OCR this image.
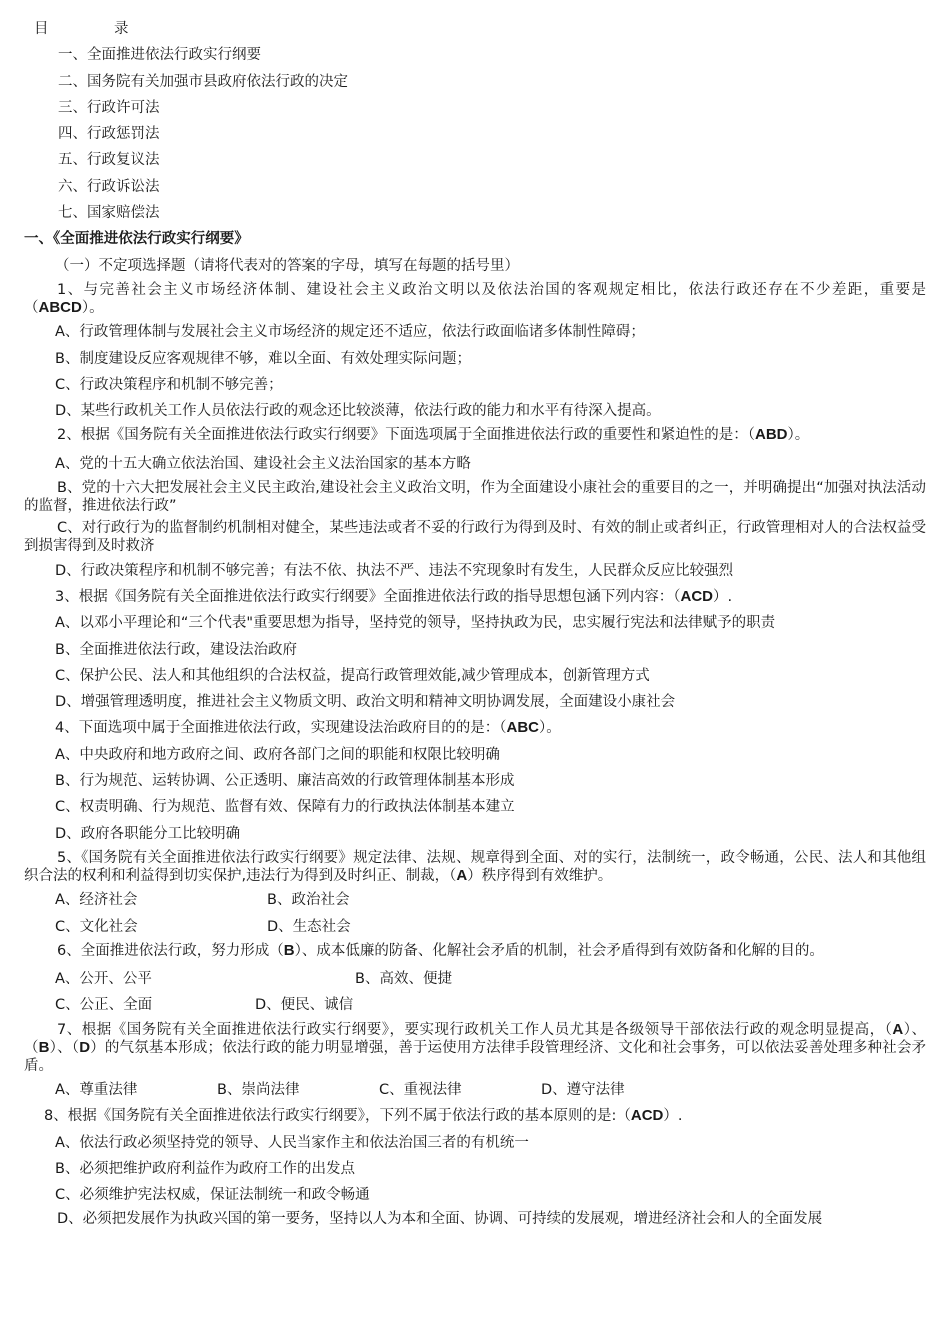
目	录
一、全面推进依法行政实行纲要
二、国务院有关加强市县政府依法行政的决定
三、行政许可法
四、行政惩罚法
五、行政复议法
六、行政诉讼法
七、国家赔偿法
一、《全面推进依法行政实行纲要》
（一）不定项选择题（请将代表对的答案的字母，填写在每题的括号里）
1、与完善社会主义市场经济体制、建设社会主义政治文明以及依法治国的客观规定相比，依法行政还存在不少差距，重要是（ABCD）。
A、行政管理体制与发展社会主义市场经济的规定还不适应，依法行政面临诸多体制性障碍；
B、制度建设反应客观规律不够，难以全面、有效处理实际问题；
C、行政决策程序和机制不够完善；
D、某些行政机关工作人员依法行政的观念还比较淡薄，依法行政的能力和水平有待深入提高。
2、根据《国务院有关全面推进依法行政实行纲要》下面选项属于全面推进依法行政的重要性和紧迫性的是：（ABD）。
A、党的十五大确立依法治国、建设社会主义法治国家的基本方略
B、党的十六大把发展社会主义民主政治,建设社会主义政治文明，作为全面建设小康社会的重要目的之一，并明确提出“加强对执法活动的监督，推进依法行政”
C、对行政行为的监督制约机制相对健全，某些违法或者不妥的行政行为得到及时、有效的制止或者纠正，行政管理相对人的合法权益受到损害得到及时救济
D、行政决策程序和机制不够完善；有法不依、执法不严、违法不究现象时有发生，人民群众反应比较强烈
3、根据《国务院有关全面推进依法行政实行纲要》全面推进依法行政的指导思想包涵下列内容：（ACD）.
A、以邓小平理论和“三个代表"重要思想为指导，坚持党的领导，坚持执政为民，忠实履行宪法和法律赋予的职责
B、全面推进依法行政，建设法治政府
C、保护公民、法人和其他组织的合法权益，提高行政管理效能,减少管理成本，创新管理方式
D、增强管理透明度，推进社会主义物质文明、政治文明和精神文明协调发展，全面建设小康社会
4、下面选项中属于全面推进依法行政，实现建设法治政府目的的是：（ABC）。
A、中央政府和地方政府之间、政府各部门之间的职能和权限比较明确
B、行为规范、运转协调、公正透明、廉洁高效的行政管理体制基本形成
C、权责明确、行为规范、监督有效、保障有力的行政执法体制基本建立
D、政府各职能分工比较明确
5、《国务院有关全面推进依法行政实行纲要》规定法律、法规、规章得到全面、对的实行，法制统一，政令畅通，公民、法人和其他组织合法的权利和利益得到切实保护,违法行为得到及时纠正、制裁，（A）秩序得到有效维护。
A、经济社会	B、政治社会
C、文化社会	D、生态社会
6、全面推进依法行政，努力形成（B）、成本低廉的防备、化解社会矛盾的机制，社会矛盾得到有效防备和化解的目的。
A、公开、公平	B、高效、便捷
C、公正、全面	D、便民、诚信
7、根据《国务院有关全面推进依法行政实行纲要》，要实现行政机关工作人员尤其是各级领导干部依法行政的观念明显提高，（A）、（B）、（D）的气氛基本形成；依法行政的能力明显增强，善于运使用方法律手段管理经济、文化和社会事务，可以依法妥善处理多种社会矛盾。
A、尊重法律	B、崇尚法律	C、重视法律	D、遵守法律
8、根据《国务院有关全面推进依法行政实行纲要》，下列不属于依法行政的基本原则的是:（ACD）.
A、依法行政必须坚持党的领导、人民当家作主和依法治国三者的有机统一
B、必须把维护政府利益作为政府工作的出发点
C、必须维护宪法权威，保证法制统一和政令畅通
D、必须把发展作为执政兴国的第一要务，坚持以人为本和全面、协调、可持续的发展观，增进经济社会和人的全面发展
